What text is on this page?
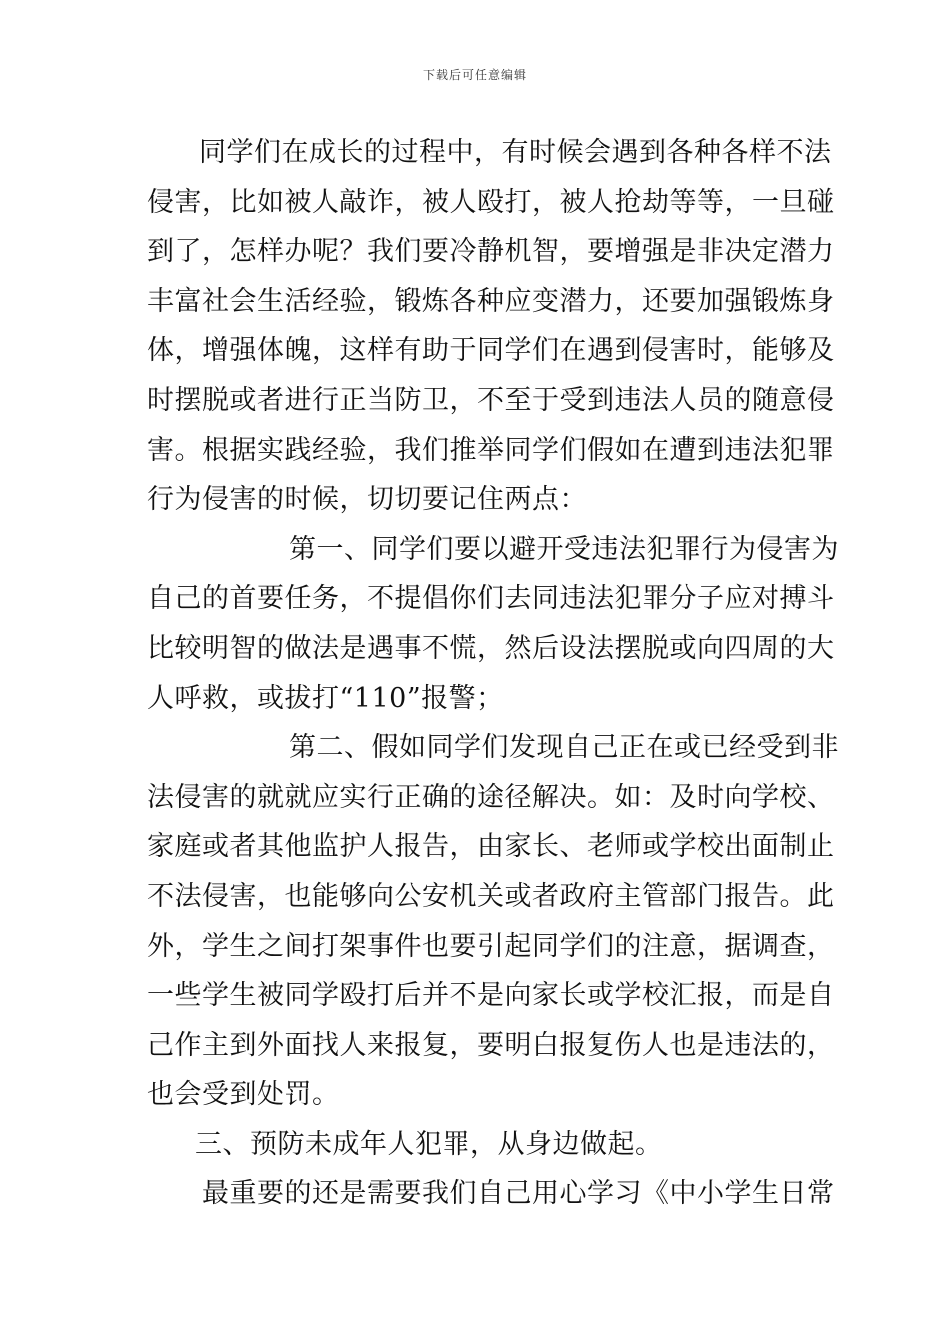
下载后可任意编辑
同学们在成长的过程中，有时候会遇到各种各样不法
侵害，比如被人敲诈，被人殴打，被人抢劫等等，一旦碰
到了，怎样办呢？我们要冷静机智，要增强是非决定潜力
丰富社会生活经验，锻炼各种应变潜力，还要加强锻炼身
体，增强体魄，这样有助于同学们在遇到侵害时，能够及
时摆脱或者进行正当防卫，不至于受到违法人员的随意侵
害。根据实践经验，我们推举同学们假如在遭到违法犯罪
行为侵害的时候，切切要记住两点：
第一、同学们要以避开受违法犯罪行为侵害为
自己的首要任务，不提倡你们去同违法犯罪分子应对搏斗
比较明智的做法是遇事不慌，然后设法摆脱或向四周的大
人呼救，或拔打“110”报警；
第二、假如同学们发现自己正在或已经受到非
法侵害的就就应实行正确的途径解决。如：及时向学校、
家庭或者其他监护人报告，由家长、老师或学校出面制止
不法侵害，也能够向公安机关或者政府主管部门报告。此
外，学生之间打架事件也要引起同学们的注意，据调查，
一些学生被同学殴打后并不是向家长或学校汇报，而是自
己作主到外面找人来报复，要明白报复伤人也是违法的，
也会受到处罚。
三、预防未成年人犯罪，从身边做起。
最重要的还是需要我们自己用心学习《中小学生日常
